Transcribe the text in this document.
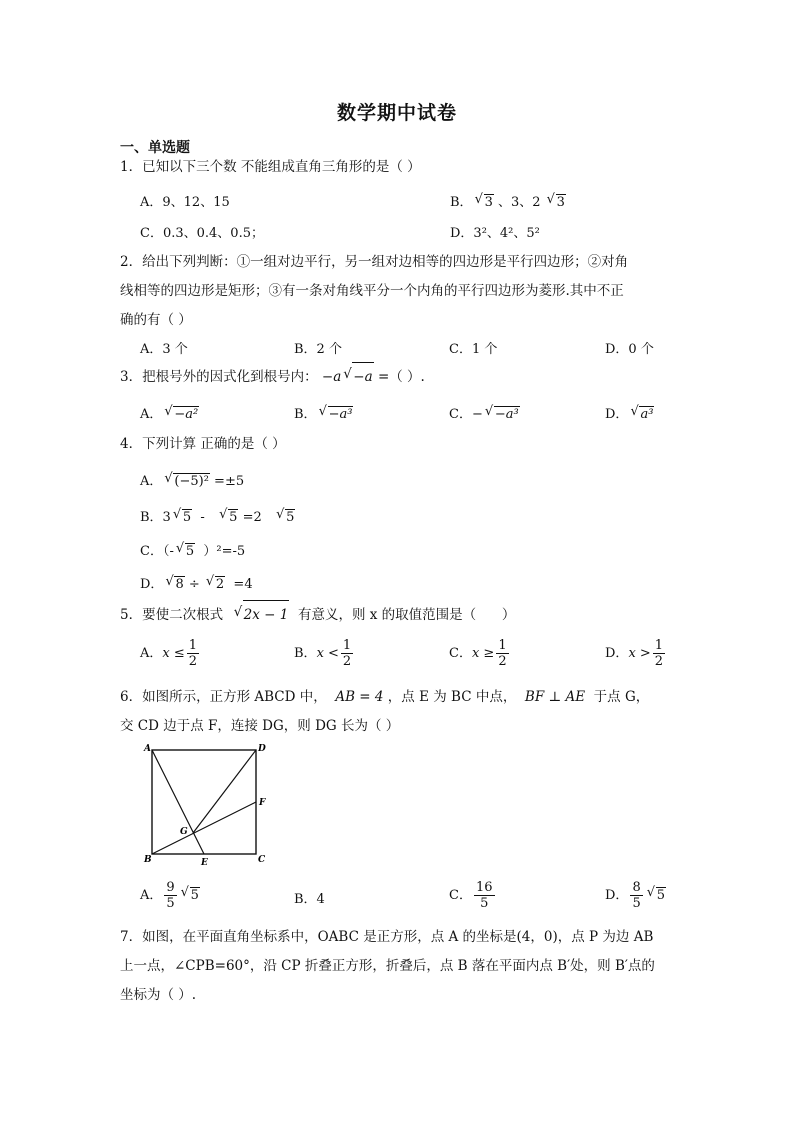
数学期中试卷
一、单选题
1．已知以下三个数 不能组成直角三角形的是（ ）
A．9、12、15	B． √ 3 、3、2 √ 3
C．0.3、0.4、0.5；	D．3²、4²、5²
2．给出下列判断：①一组对边平行，另一组对边相等的四边形是平行四边形；②对角
线相等的四边形是矩形；③有一条对角线平分一个内角的平行四边形为菱形.其中不正
确的有（ ）
A．3 个	B．2 个	C．1 个	D．0 个
3．把根号外的因式化到根号内： −a √ −a =（ ）.
A． √ −a²	B． √ −a³	C．− √ −a³	D． √ a³
4．下列计算 正确的是（ ）
A． √ (−5)² =±5
B．3 √ 5  -   √ 5 =2   √ 5
C．（- √ 5  ）²=-5
D． √ 8 ÷ √ 2  =4
5．要使二次根式  √ 2x − 1  有意义，则 x 的取值范围是（      ）
A．$x \le \frac{1}{2}$	B．$x < \frac{1}{2}$	C．$x \ge \frac{1}{2}$	D．$x > \frac{1}{2}$
6．如图所示，正方形 ABCD 中， AB = 4 ，点 E 为 BC 中点， BF ⊥ AE  于点 G，
交 CD 边于点 F，连接 DG，则 DG 长为（ ）
A	D
F
G
B	E	C
A． $\frac{9}{5}$ √ 5	B．4	C． $\frac{16}{5}$	D． $\frac{8}{5}$ √ 5
7．如图，在平面直角坐标系中，OABC 是正方形，点 A 的坐标是(4，0)，点 P 为边 AB
上一点，∠CPB=60°，沿 CP 折叠正方形，折叠后，点 B 落在平面内点 B′处，则 B′点的
坐标为（ ）.
